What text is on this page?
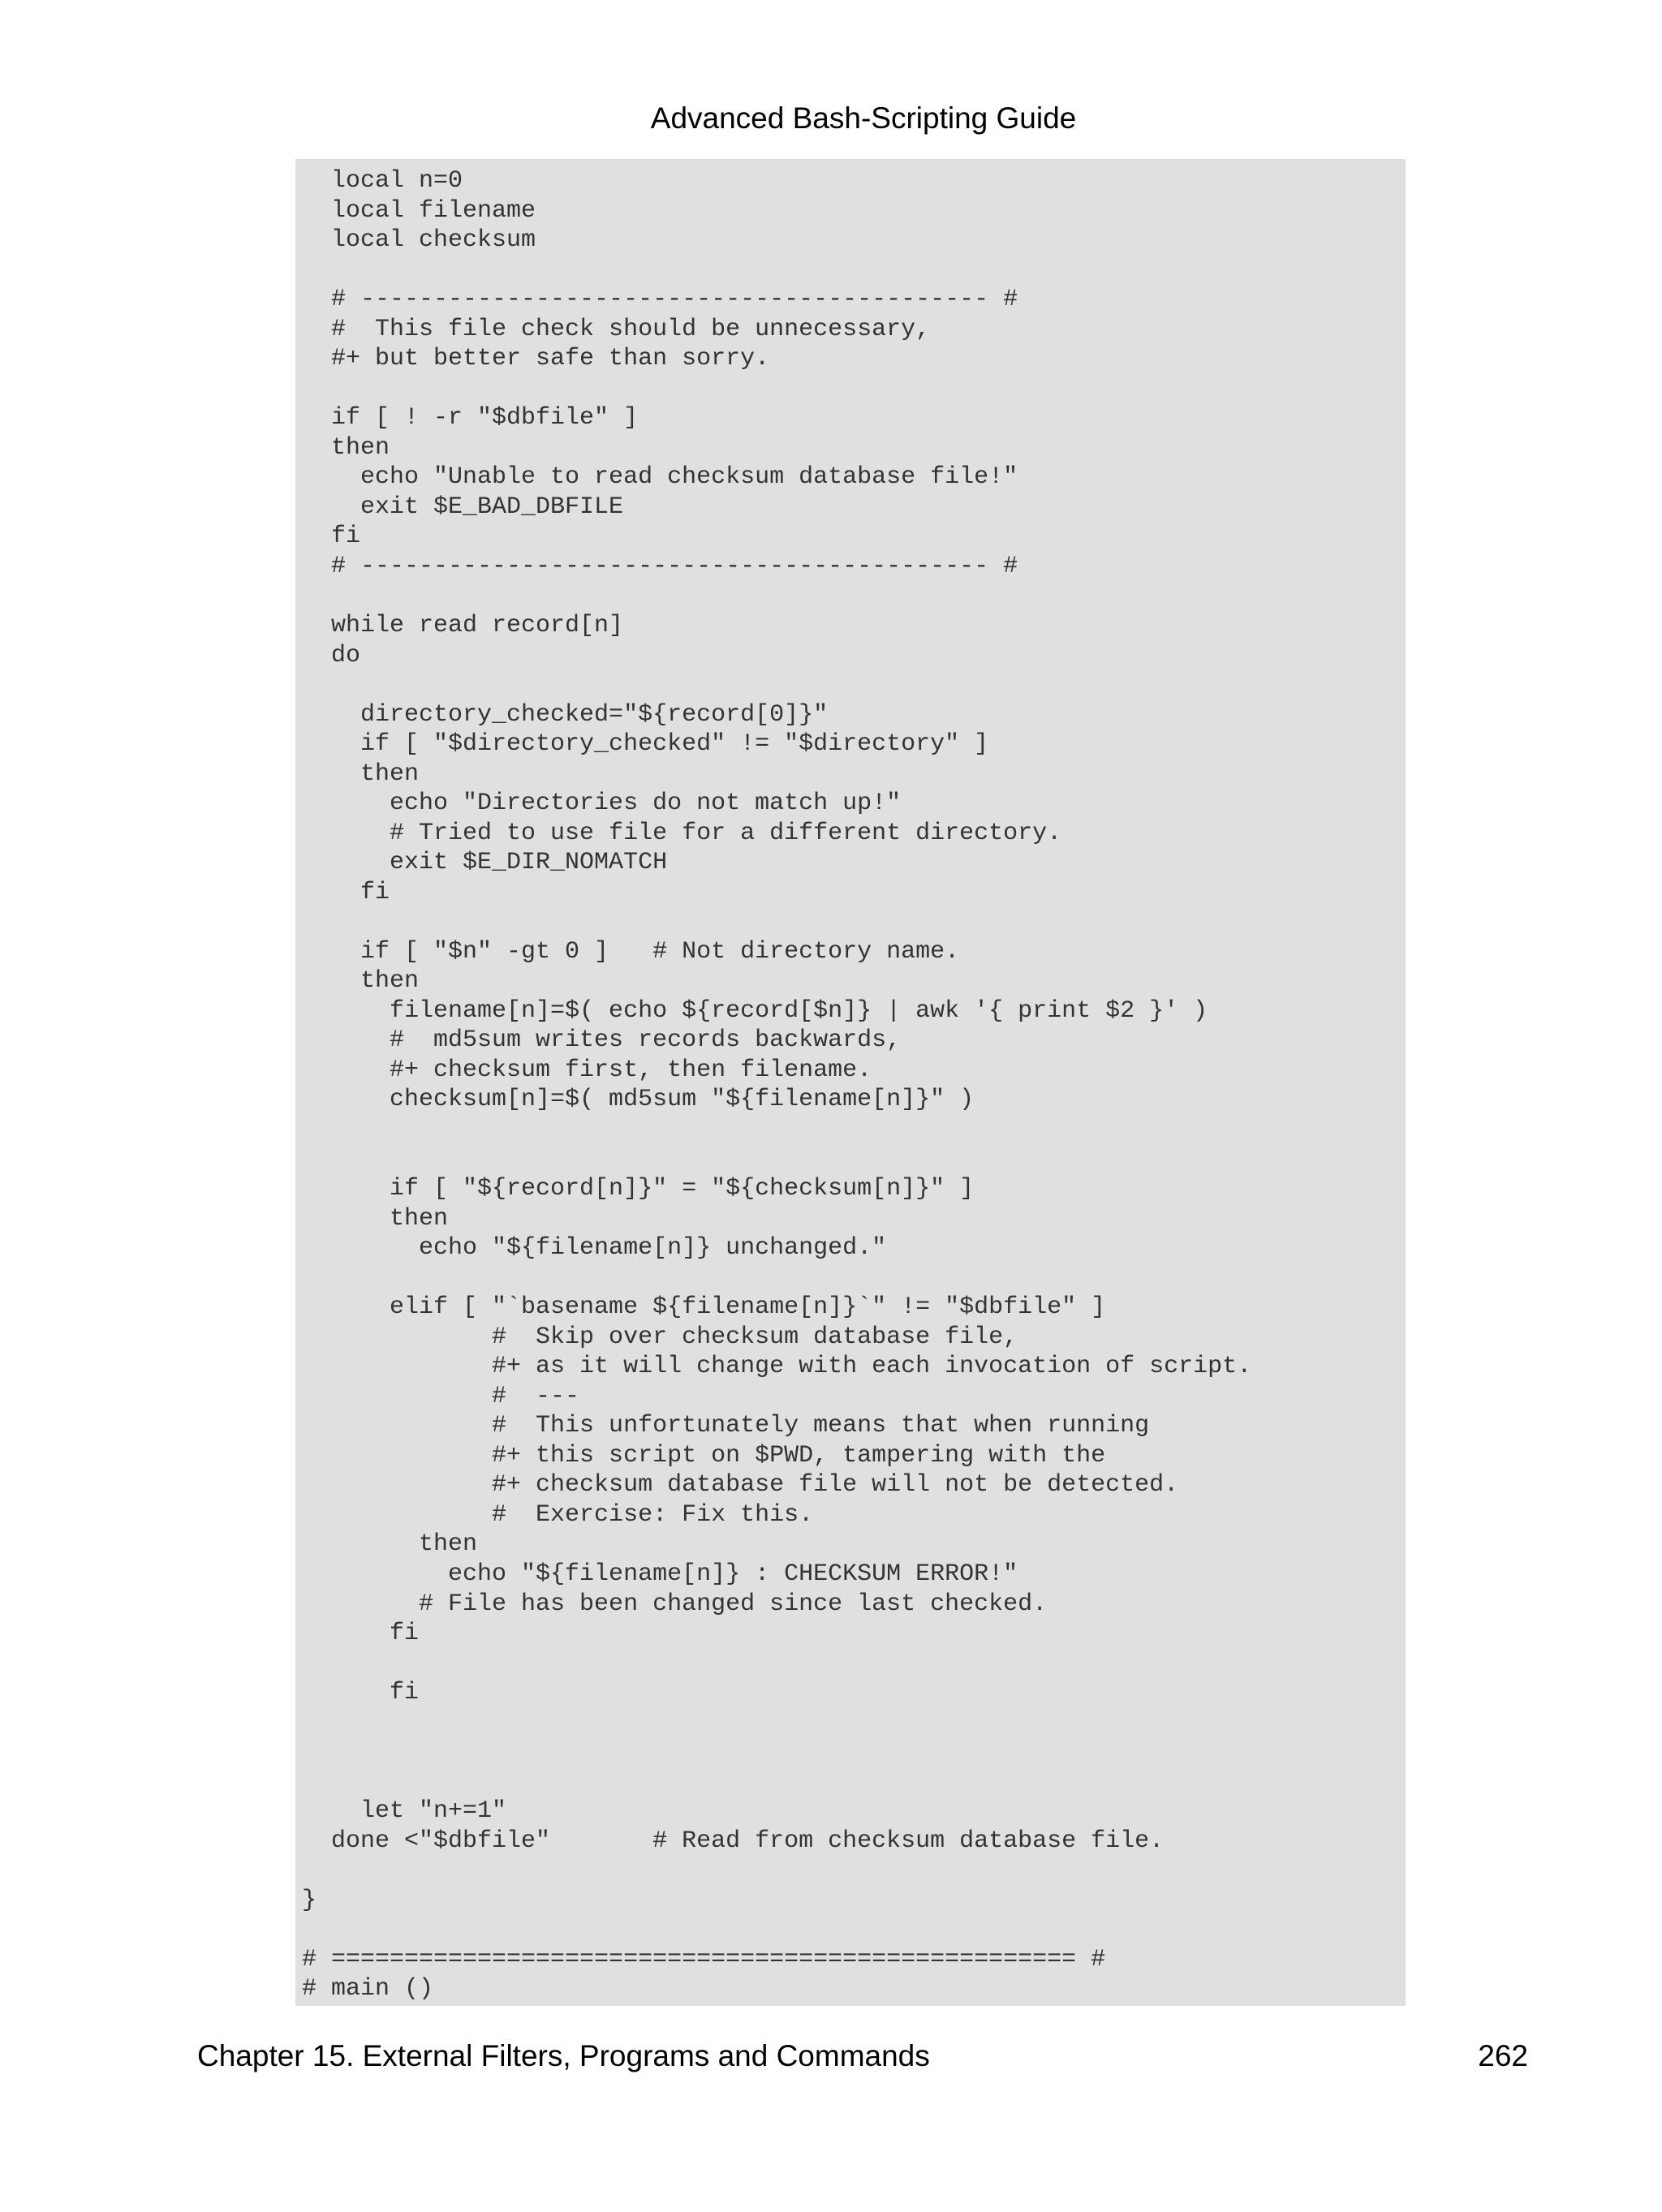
Advanced Bash-Scripting Guide
local n=0
local filename
local checksum
# ------------------------------------------- #
#  This file check should be unnecessary,
#+ but better safe than sorry.
if [ ! -r "$dbfile" ]
then
echo "Unable to read checksum database file!"
exit $E_BAD_DBFILE
fi
# ------------------------------------------- #
while read record[n]
do
directory_checked="${record[0]}"
if [ "$directory_checked" != "$directory" ]
then
echo "Directories do not match up!"
# Tried to use file for a different directory.
exit $E_DIR_NOMATCH
fi
if [ "$n" -gt 0 ]   # Not directory name.
then
filename[n]=$( echo ${record[$n]} | awk '{ print $2 }' )
#  md5sum writes records backwards,
#+ checksum first, then filename.
checksum[n]=$( md5sum "${filename[n]}" )
if [ "${record[n]}" = "${checksum[n]}" ]
then
echo "${filename[n]} unchanged."
elif [ "`basename ${filename[n]}`" != "$dbfile" ]
#  Skip over checksum database file,
#+ as it will change with each invocation of script.
#  ---
#  This unfortunately means that when running
#+ this script on $PWD, tampering with the
#+ checksum database file will not be detected.
#  Exercise: Fix this.
then
echo "${filename[n]} : CHECKSUM ERROR!"
# File has been changed since last checked.
fi
fi
let "n+=1"
done <"$dbfile"       # Read from checksum database file.
}
# =================================================== #
# main ()
Chapter 15. External Filters, Programs and Commands	262
